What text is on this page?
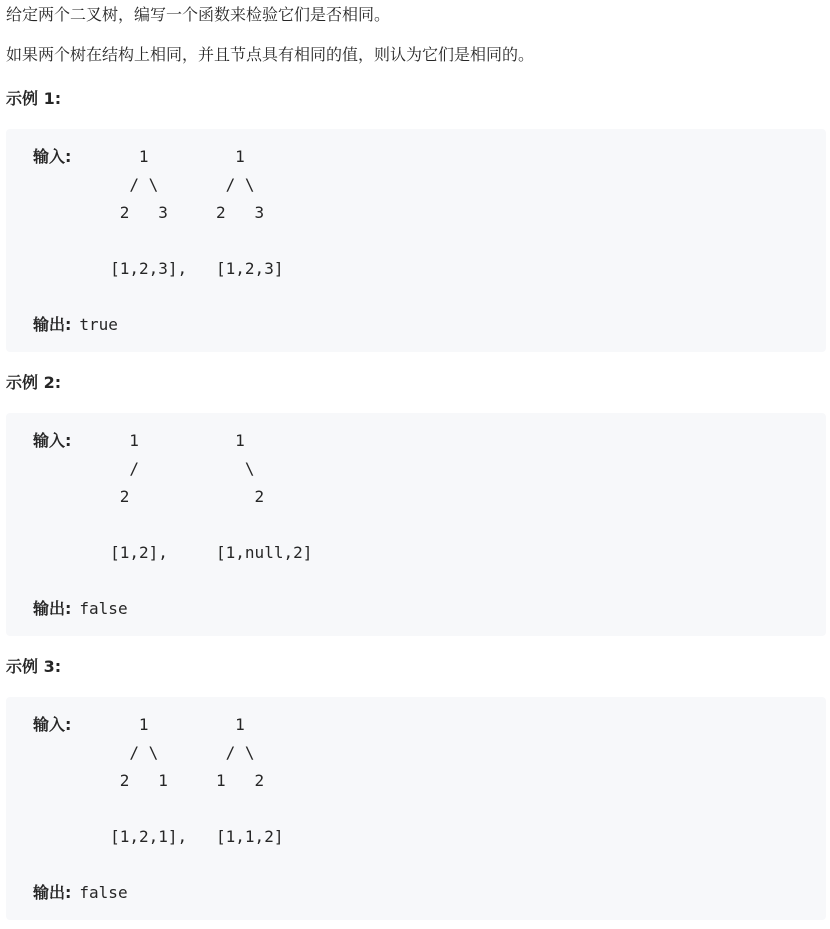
给定两个二叉树，编写一个函数来检验它们是否相同。

如果两个树在结构上相同，并且节点具有相同的值，则认为它们是相同的。

示例 1:

输入:       1         1
/ \       / \
2   3     2   3

[1,2,3],   [1,2,3]

输出: true

示例 2:

输入:      1          1
/           \
2             2

[1,2],     [1,null,2]

输出: false

示例 3:

输入:       1         1
/ \       / \
2   1     1   2

[1,2,1],   [1,1,2]

输出: false
